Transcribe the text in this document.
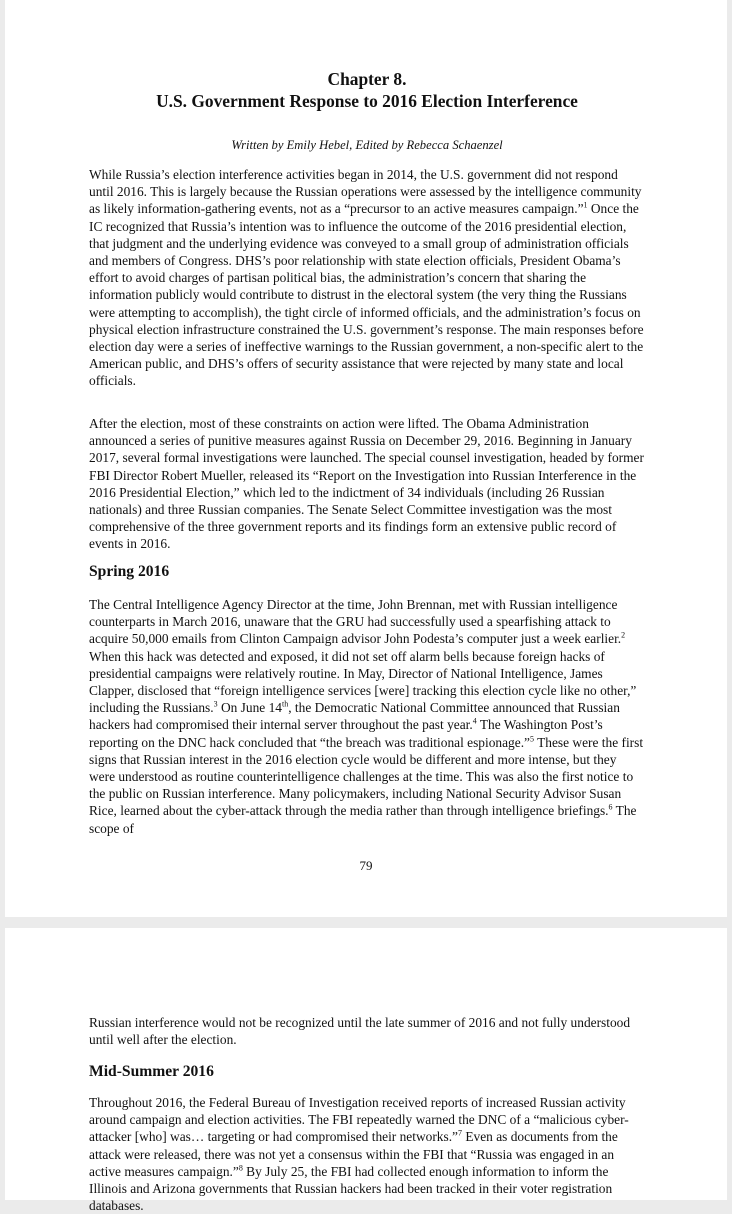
Chapter 8.
U.S. Government Response to 2016 Election Interference

Written by Emily Hebel, Edited by Rebecca Schaenzel

While Russia’s election interference activities began in 2014, the U.S. government did not respond until 2016. This is largely because the Russian operations were assessed by the intelligence community as likely information-gathering events, not as a “precursor to an active measures campaign.”$^1$ Once the IC recognized that Russia’s intention was to influence the outcome of the 2016 presidential election, that judgment and the underlying evidence was conveyed to a small group of administration officials and members of Congress. DHS’s poor relationship with state election officials, President Obama’s effort to avoid charges of partisan political bias, the administration’s concern that sharing the information publicly would contribute to distrust in the electoral system (the very thing the Russians were attempting to accomplish), the tight circle of informed officials, and the administration’s focus on physical election infrastructure constrained the U.S. government’s response. The main responses before election day were a series of ineffective warnings to the Russian government, a non-specific alert to the American public, and DHS’s offers of security assistance that were rejected by many state and local officials.

After the election, most of these constraints on action were lifted. The Obama Administration announced a series of punitive measures against Russia on December 29, 2016. Beginning in January 2017, several formal investigations were launched. The special counsel investigation, headed by former FBI Director Robert Mueller, released its “Report on the Investigation into Russian Interference in the 2016 Presidential Election,” which led to the indictment of 34 individuals (including 26 Russian nationals) and three Russian companies. The Senate Select Committee investigation was the most comprehensive of the three government reports and its findings form an extensive public record of events in 2016.

Spring 2016

The Central Intelligence Agency Director at the time, John Brennan, met with Russian intelligence counterparts in March 2016, unaware that the GRU had successfully used a spearfishing attack to acquire 50,000 emails from Clinton Campaign advisor John Podesta’s computer just a week earlier.$^2$ When this hack was detected and exposed, it did not set off alarm bells because foreign hacks of presidential campaigns were relatively routine. In May, Director of National Intelligence, James Clapper, disclosed that “foreign intelligence services [were] tracking this election cycle like no other,” including the Russians.$^3$ On June 14th, the Democratic National Committee announced that Russian hackers had compromised their internal server throughout the past year.$^4$ The Washington Post’s reporting on the DNC hack concluded that “the breach was traditional espionage.”$^5$ These were the first signs that Russian interest in the 2016 election cycle would be different and more intense, but they were understood as routine counterintelligence challenges at the time. This was also the first notice to the public on Russian interference. Many policymakers, including National Security Advisor Susan Rice, learned about the cyber-attack through the media rather than through intelligence briefings.$^6$ The scope of

79

Russian interference would not be recognized until the late summer of 2016 and not fully understood until well after the election.

Mid-Summer 2016

Throughout 2016, the Federal Bureau of Investigation received reports of increased Russian activity around campaign and election activities. The FBI repeatedly warned the DNC of a “malicious cyber-attacker [who] was… targeting or had compromised their networks.”$^7$ Even as documents from the attack were released, there was not yet a consensus within the FBI that “Russia was engaged in an active measures campaign.”$^8$ By July 25, the FBI had collected enough information to inform the Illinois and Arizona governments that Russian hackers had been tracked in their voter registration databases.
